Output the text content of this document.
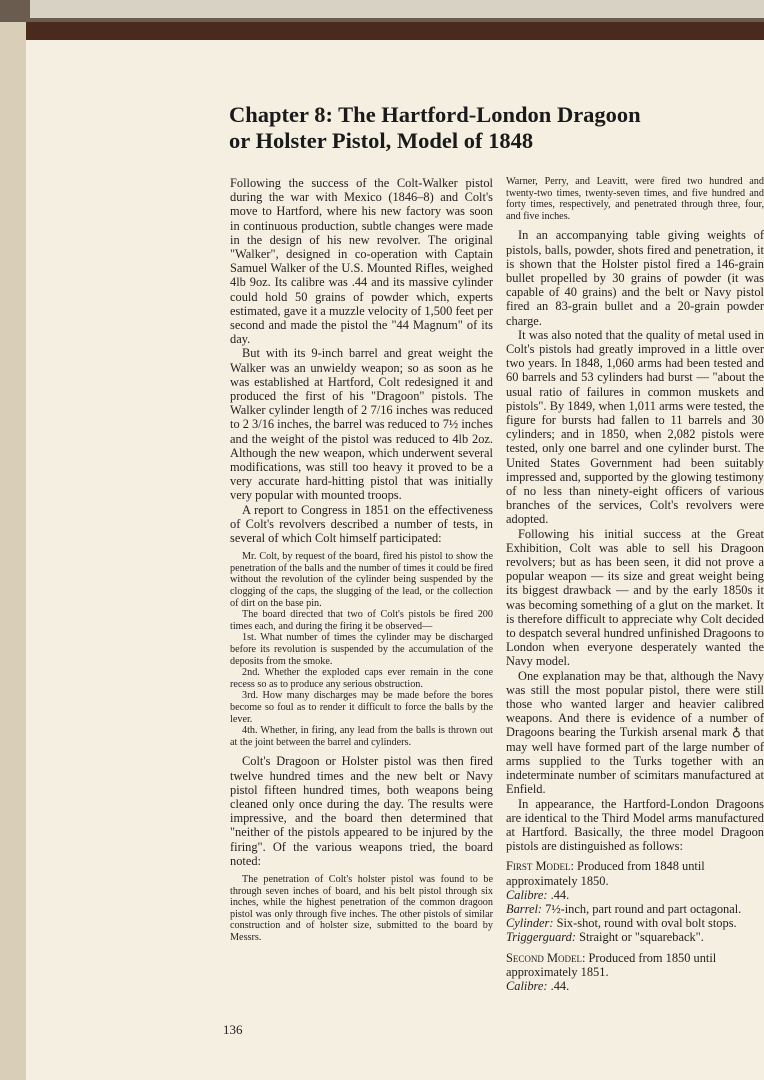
Chapter 8: The Hartford-London Dragoon
or Holster Pistol, Model of 1848

Following the success of the Colt-Walker pistol during the war with Mexico (1846–8) and Colt's move to Hartford, where his new factory was soon in continuous production, subtle changes were made in the design of his new revolver. The original "Walker", designed in co-operation with Captain Samuel Walker of the U.S. Mounted Rifles, weighed 4lb 9oz. Its calibre was .44 and its massive cylinder could hold 50 grains of powder which, experts estimated, gave it a muzzle velocity of 1,500 feet per second and made the pistol the "44 Magnum" of its day.

But with its 9-inch barrel and great weight the Walker was an unwieldy weapon; so as soon as he was established at Hartford, Colt redesigned it and produced the first of his "Dragoon" pistols. The Walker cylinder length of 2 7/16 inches was reduced to 2 3/16 inches, the barrel was reduced to 7½ inches and the weight of the pistol was reduced to 4lb 2oz. Although the new weapon, which underwent several modifications, was still too heavy it proved to be a very accurate hard-hitting pistol that was initially very popular with mounted troops.

A report to Congress in 1851 on the effectiveness of Colt's revolvers described a number of tests, in several of which Colt himself participated:

Mr. Colt, by request of the board, fired his pistol to show the penetration of the balls and the number of times it could be fired without the revolution of the cylinder being suspended by the clogging of the caps, the slugging of the lead, or the collection of dirt on the base pin.

The board directed that two of Colt's pistols be fired 200 times each, and during the firing it be observed—

1st. What number of times the cylinder may be discharged before its revolution is suspended by the accumulation of the deposits from the smoke.

2nd. Whether the exploded caps ever remain in the cone recess so as to produce any serious obstruction.

3rd. How many discharges may be made before the bores become so foul as to render it difficult to force the balls by the lever.

4th. Whether, in firing, any lead from the balls is thrown out at the joint between the barrel and cylinders.

Colt's Dragoon or Holster pistol was then fired twelve hundred times and the new belt or Navy pistol fifteen hundred times, both weapons being cleaned only once during the day. The results were impressive, and the board then determined that "neither of the pistols appeared to be injured by the firing". Of the various weapons tried, the board noted:

The penetration of Colt's holster pistol was found to be through seven inches of board, and his belt pistol through six inches, while the highest penetration of the common dragoon pistol was only through five inches. The other pistols of similar construction and of holster size, submitted to the board by Messrs.

Warner, Perry, and Leavitt, were fired two hundred and twenty-two times, twenty-seven times, and five hundred and forty times, respectively, and penetrated through three, four, and five inches.

In an accompanying table giving weights of pistols, balls, powder, shots fired and penetration, it is shown that the Holster pistol fired a 146-grain bullet propelled by 30 grains of powder (it was capable of 40 grains) and the belt or Navy pistol fired an 83-grain bullet and a 20-grain powder charge.

It was also noted that the quality of metal used in Colt's pistols had greatly improved in a little over two years. In 1848, 1,060 arms had been tested and 60 barrels and 53 cylinders had burst — "about the usual ratio of failures in common muskets and pistols". By 1849, when 1,011 arms were tested, the figure for bursts had fallen to 11 barrels and 30 cylinders; and in 1850, when 2,082 pistols were tested, only one barrel and one cylinder burst. The United States Government had been suitably impressed and, supported by the glowing testimony of no less than ninety-eight officers of various branches of the services, Colt's revolvers were adopted.

Following his initial success at the Great Exhibition, Colt was able to sell his Dragoon revolvers; but as has been seen, it did not prove a popular weapon — its size and great weight being its biggest drawback — and by the early 1850s it was becoming something of a glut on the market. It is therefore difficult to appreciate why Colt decided to despatch several hundred unfinished Dragoons to London when everyone desperately wanted the Navy model.

One explanation may be that, although the Navy was still the most popular pistol, there were still those who wanted larger and heavier calibred weapons. And there is evidence of a number of Dragoons bearing the Turkish arsenal mark ♁ that may well have formed part of the large number of arms supplied to the Turks together with an indeterminate number of scimitars manufactured at Enfield.

In appearance, the Hartford-London Dragoons are identical to the Third Model arms manufactured at Hartford. Basically, the three model Dragoon pistols are distinguished as follows:

First Model: Produced from 1848 until approximately 1850.

Calibre: .44.

Barrel: 7½-inch, part round and part octagonal.

Cylinder: Six-shot, round with oval bolt stops.

Triggerguard: Straight or "squareback".

Second Model: Produced from 1850 until approximately 1851.

Calibre: .44.

136
